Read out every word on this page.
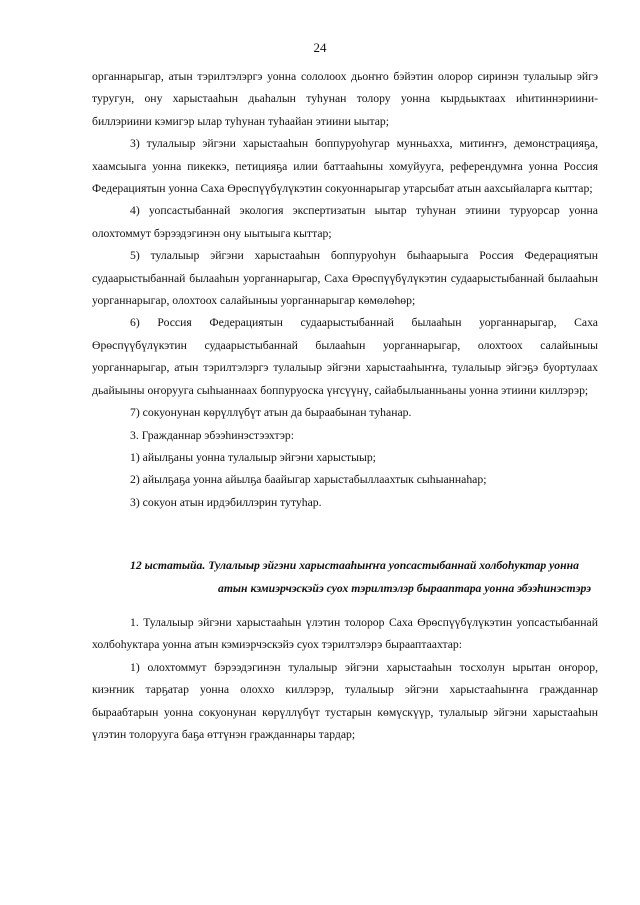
24

органнарыгар, атын тэрилтэлэргэ уонна сололоох дьоҥҥо бэйэтин олорор сиринэн тулалыыр эйгэ туругун, ону харыстааһын дьаһалын туһунан толору уонна кырдьыктаах иһитиннэриини-биллэриини кэмигэр ылар туһунан туһаайан этиини ыытар;

3) тулалыыр эйгэни харыстааһын боппуруоһугар мунньахха, митиҥҥэ, демонстрацияҕа, хаамсыыга уонна пикеккэ, петицияҕа илии баттааһыны хомуйууга, референдумҥа уонна Россия Федерациятын уонна Саха Өрөспүүбүлүкэтин сокуоннарыгар утарсыбат атын аахсыйаларга кыттар;

4) уопсастыбаннай экология экспертизатын ыытар туһунан этиини туруорсар уонна олохтоммут бэрээдэгинэн ону ыытыыга кыттар;

5) тулалыыр эйгэни харыстааһын боппуруоһун быһаарыыга Россия Федерациятын судаарыстыбаннай былааһын уорганнарыгар, Саха Өрөспүүбүлүкэтин судаарыстыбаннай былааһын уорганнарыгар, олохтоох салайыныы уорганнарыгар көмөлөһөр;

6) Россия Федерациятын судаарыстыбаннай былааһын уорганнарыгар, Саха Өрөспүүбүлүкэтин судаарыстыбаннай былааһын уорганнарыгар, олохтоох салайыныы уорганнарыгар, атын тэрилтэлэргэ тулалыыр эйгэни харыстааһыҥҥа, тулалыыр эйгэҕэ буортулаах дьайыыны оҥорууга сыһыаннаах боппуруоска үҥсүүнү, сайабылыанньаны уонна этиини киллэрэр;

7) сокуонунан көрүллүбүт атын да быраабынан туһанар.

3. Гражданнар эбээһинэстээхтэр:

1) айылҕаны уонна тулалыыр эйгэни харыстыыр;

2) айылҕаҕа уонна айылҕа баайыгар харыстабыллаахтык сыһыаннаһар;

3) сокуон атын ирдэбиллэрин тутуһар.

12 ыстатыйа. Тулалыыр эйгэни харыстааһыҥҥа уопсастыбаннай холбоһуктар уонна атын кэмиэрчэскэйэ суох тэрилтэлэр бырааптара уонна эбээһинэстэрэ

1. Тулалыыр эйгэни харыстааһын үлэтин толорор Саха Өрөспүүбүлүкэтин уопсастыбаннай холбоһуктара уонна атын кэмиэрчэскэйэ суох тэрилтэлэрэ бырааптаахтар:

1) олохтоммут бэрээдэгинэн тулалыыр эйгэни харыстааһын тосхолун ырытан оҥорор, киэҥник тарҕатар уонна олоххо киллэрэр, тулалыыр эйгэни харыстааһыҥҥа гражданнар быраабтарын уонна сокуонунан көрүллүбүт тустарын көмүскүүр, тулалыыр эйгэни харыстааһын үлэтин толорууга баҕа өттүнэн гражданнары тардар;
